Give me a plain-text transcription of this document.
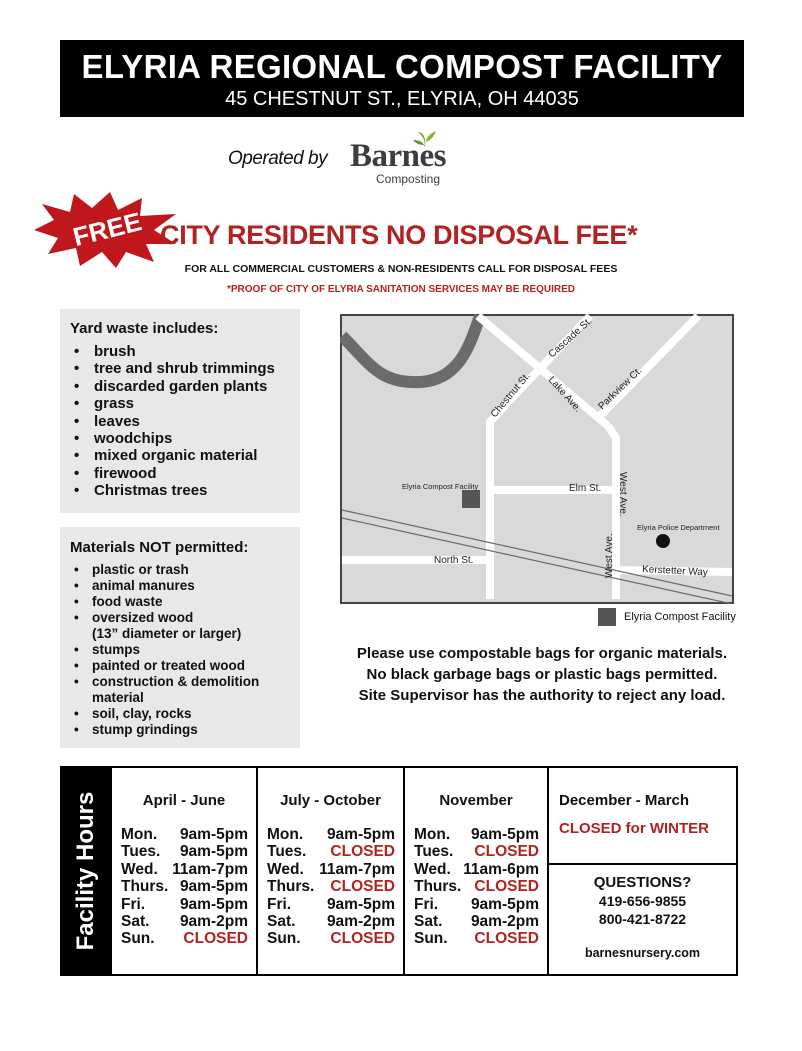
ELYRIA REGIONAL COMPOST FACILITY
45 CHESTNUT ST., ELYRIA, OH 44035
Operated by Barnes
Composting
FREE CITY RESIDENTS NO DISPOSAL FEE*
FOR ALL COMMERCIAL CUSTOMERS & NON-RESIDENTS CALL FOR DISPOSAL FEES
*PROOF OF CITY OF ELYRIA SANITATION SERVICES MAY BE REQUIRED
Yard waste includes:
• brush
• tree and shrub trimmings
• discarded garden plants
• grass
• leaves
• woodchips
• mixed organic material
• firewood
• Christmas trees
Materials NOT permitted:
• plastic or trash
• animal manures
• food waste
• oversized wood
(13” diameter or larger)
• stumps
• painted or treated wood
• construction & demolition
material
• soil, clay, rocks
• stump grindings
Cascade St.
Chestnut St. Lake Ave. Parkview Ct.
Elm St. West Ave.
West Ave.
North St.
Kerstetter Way
Elyria Compost Facility
Elyria Police Department
Elyria Compost Facility
Please use compostable bags for organic materials.
No black garbage bags or plastic bags permitted.
Site Supervisor has the authority to reject any load.
Facility Hours	April - June
Mon. 9am-5pm
Tues. 9am-5pm
Wed. 11am-7pm
Thurs. 9am-5pm
Fri. 9am-5pm
Sat. 9am-2pm
Sun. CLOSED
July - October
Mon. 9am-5pm
Tues. CLOSED
Wed. 11am-7pm
Thurs. CLOSED
Fri. 9am-5pm
Sat. 9am-2pm
Sun. CLOSED
November
Mon. 9am-5pm
Tues. CLOSED
Wed. 11am-6pm
Thurs. CLOSED
Fri. 9am-5pm
Sat. 9am-2pm
Sun. CLOSED
December - March
CLOSED for WINTER
QUESTIONS?
419-656-9855
800-421-8722
barnesnursery.com
